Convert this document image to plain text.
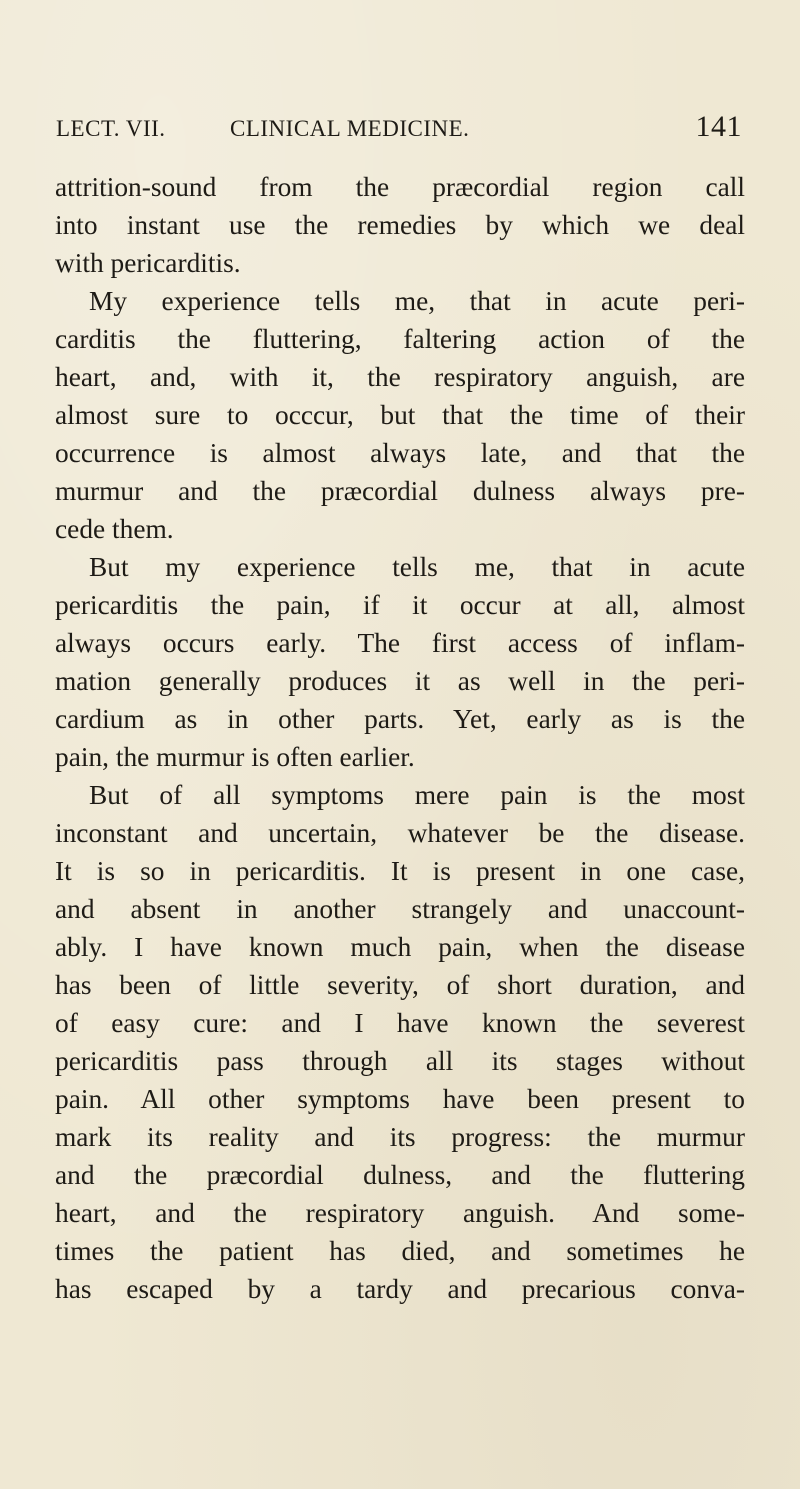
LECT. VII.	CLINICAL MEDICINE.	141
attrition-sound from the præcordial region call
into instant use the remedies by which we deal
with pericarditis.
My experience tells me, that in acute peri-
carditis the fluttering, faltering action of the
heart, and, with it, the respiratory anguish, are
almost sure to occcur, but that the time of their
occurrence is almost always late, and that the
murmur and the præcordial dulness always pre-
cede them.
But my experience tells me, that in acute
pericarditis the pain, if it occur at all, almost
always occurs early. The first access of inflam-
mation generally produces it as well in the peri-
cardium as in other parts. Yet, early as is the
pain, the murmur is often earlier.
But of all symptoms mere pain is the most
inconstant and uncertain, whatever be the disease.
It is so in pericarditis. It is present in one case,
and absent in another strangely and unaccount-
ably. I have known much pain, when the disease
has been of little severity, of short duration, and
of easy cure: and I have known the severest
pericarditis pass through all its stages without
pain. All other symptoms have been present to
mark its reality and its progress: the murmur
and the præcordial dulness, and the fluttering
heart, and the respiratory anguish. And some-
times the patient has died, and sometimes he
has escaped by a tardy and precarious conva-
